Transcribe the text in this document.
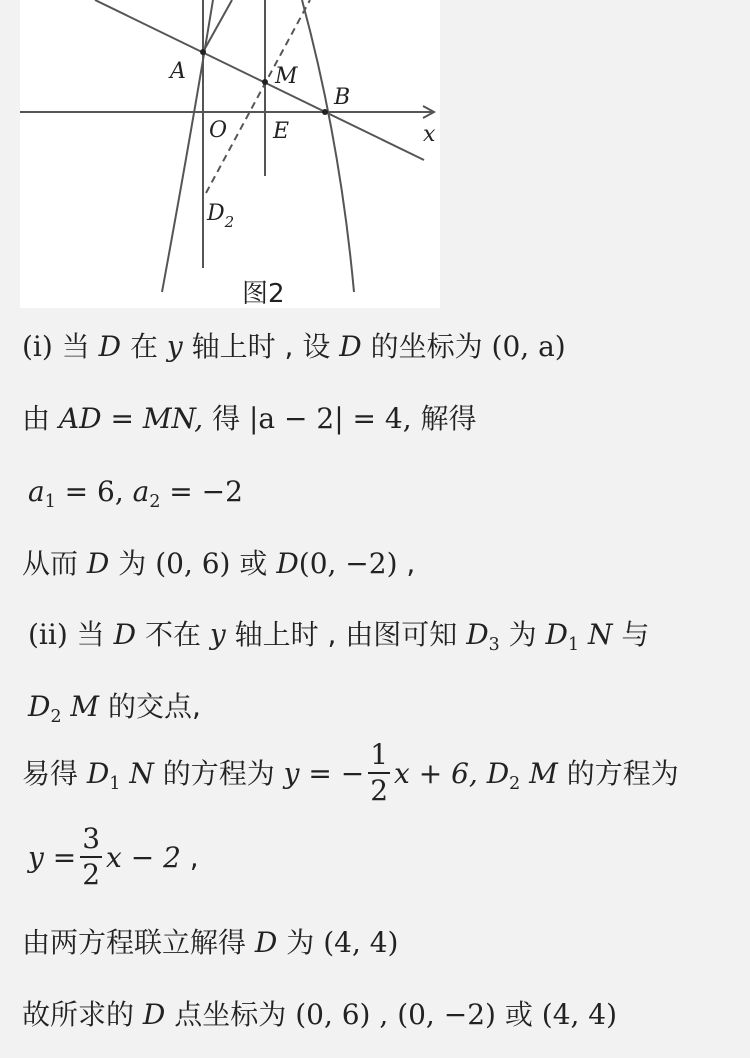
A	M
B
O E	x
$D_2$
图2
(i) 当 D 在 y 轴上时 , 设 D 的坐标为 (0, a)
由 AD = MN, 得 |a − 2| = 4, 解得
$a_1 = 6$, $a_2 = -2$
从而 D 为 (0, 6) 或 D(0, −2) ,
(ii) 当 D 不在 y 轴上时 , 由图可知 $D_3$ 为 $D_1$ N 与
$D_2$ M 的交点,
易得 $D_1$ N 的方程为 y = − $\frac{1}{2}$ x + 6, $D_2$ M 的方程为
$y = \frac{3}{2}$ x − 2 ,
由两方程联立解得 D 为 (4, 4)
故所求的 D 点坐标为 (0, 6) , (0, −2) 或 (4, 4)
